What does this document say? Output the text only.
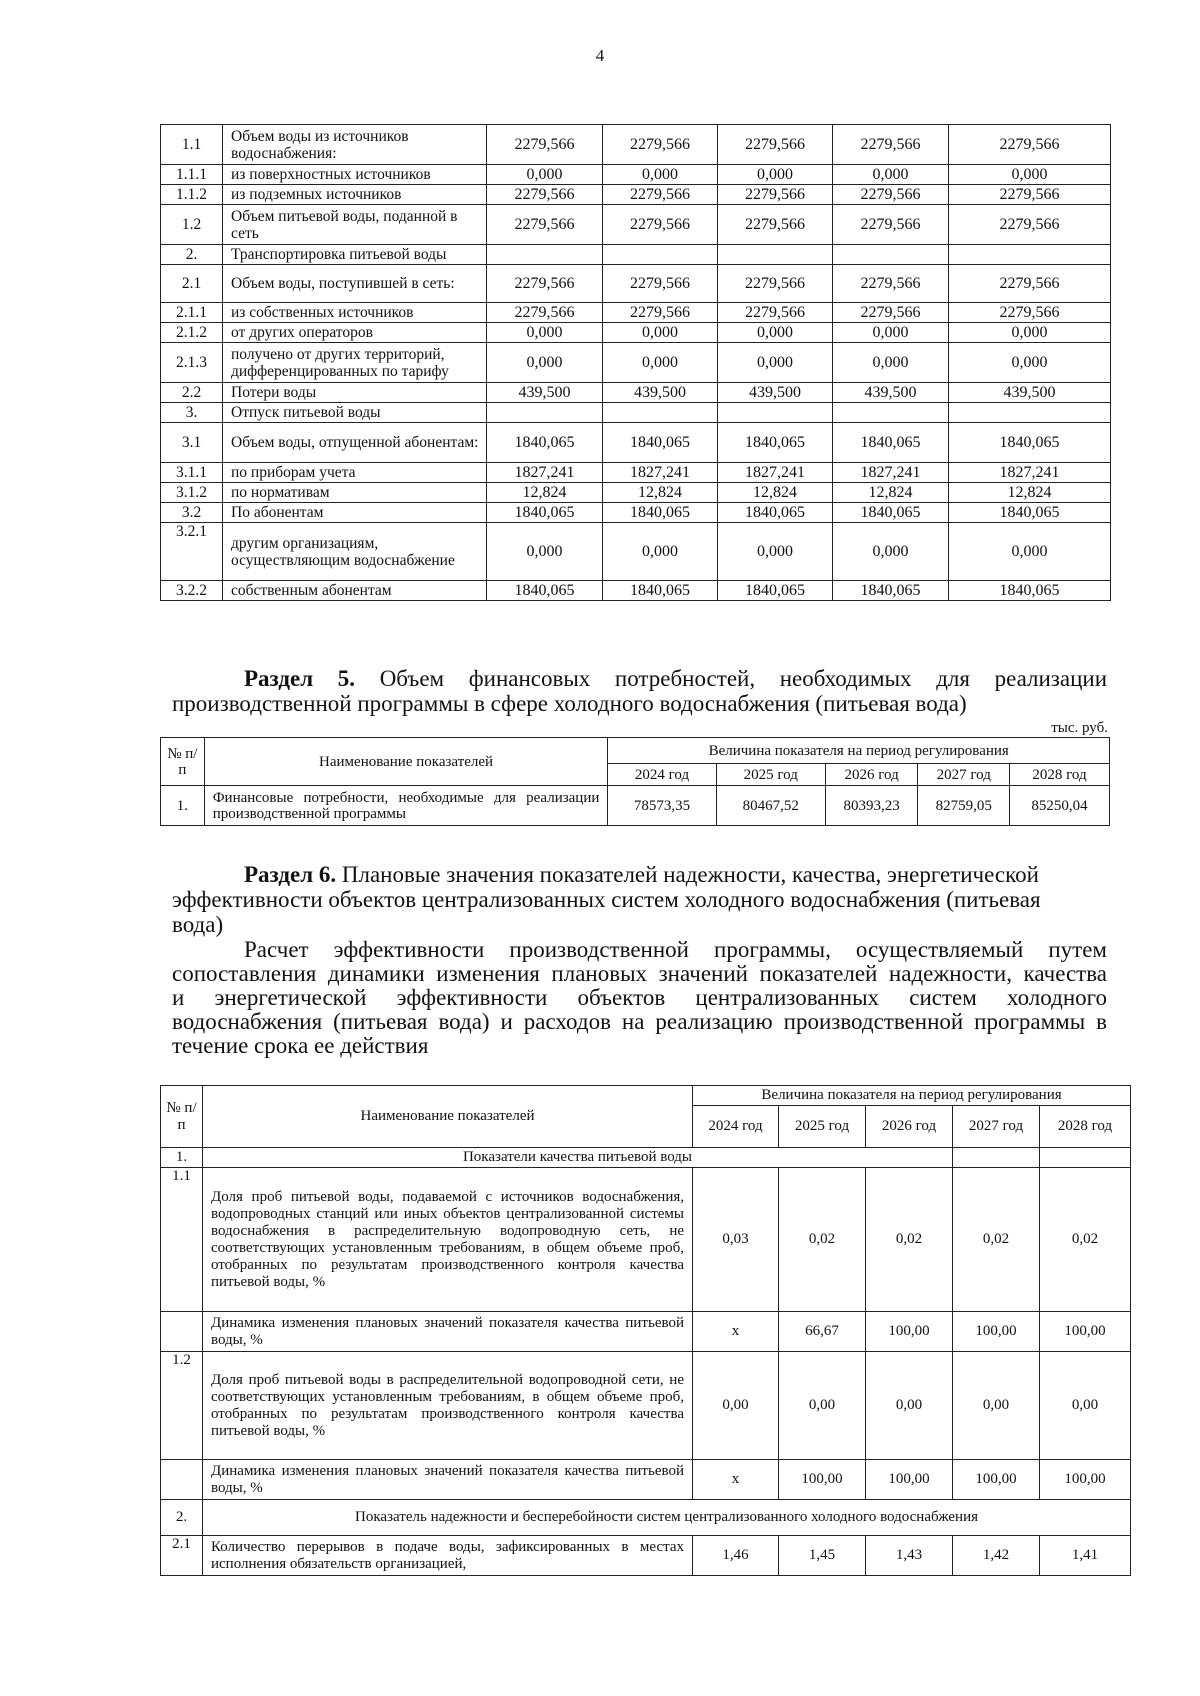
4
1.1	Объем воды из источников водоснабжения:	2279,566	2279,566	2279,566	2279,566	2279,566
1.1.1	из поверхностных источников	0,000	0,000	0,000	0,000	0,000
1.1.2	из подземных источников	2279,566	2279,566	2279,566	2279,566	2279,566
1.2	Объем питьевой воды, поданной в сеть	2279,566	2279,566	2279,566	2279,566	2279,566
2.	Транспортировка питьевой воды					
2.1	Объем воды, поступившей в сеть:	2279,566	2279,566	2279,566	2279,566	2279,566
2.1.1	из собственных источников	2279,566	2279,566	2279,566	2279,566	2279,566
2.1.2	от других операторов	0,000	0,000	0,000	0,000	0,000
2.1.3	получено от других территорий, дифференцированных по тарифу	0,000	0,000	0,000	0,000	0,000
2.2	Потери воды	439,500	439,500	439,500	439,500	439,500
3.	Отпуск питьевой воды					
3.1	Объем воды, отпущенной абонентам:	1840,065	1840,065	1840,065	1840,065	1840,065
3.1.1	по приборам учета	1827,241	1827,241	1827,241	1827,241	1827,241
3.1.2	по нормативам	12,824	12,824	12,824	12,824	12,824
3.2	По абонентам	1840,065	1840,065	1840,065	1840,065	1840,065
3.2.1	другим организациям, осуществляющим водоснабжение	0,000	0,000	0,000	0,000	0,000
3.2.2	собственным абонентам	1840,065	1840,065	1840,065	1840,065	1840,065
Раздел 5. Объем финансовых потребностей, необходимых для реализации
производственной программы в сфере холодного водоснабжения (питьевая вода)
тыс. руб.
№ п/п	Наименование показателей	Величина показателя на период регулирования				
		2024 год	2025 год	2026 год	2027 год	2028 год
1.	Финансовые потребности, необходимые для реализации производственной программы	78573,35	80467,52	80393,23	82759,05	85250,04
Раздел 6. Плановые значения показателей надежности, качества, энергетической
эффективности объектов централизованных систем холодного водоснабжения (питьевая
вода)
Расчет эффективности производственной программы, осуществляемый путем
сопоставления динамики изменения плановых значений показателей надежности, качества
и энергетической эффективности объектов централизованных систем холодного
водоснабжения (питьевая вода) и расходов на реализацию производственной программы в
течение срока ее действия
№ п/п	Наименование показателей	Величина показателя на период регулирования				
		2024 год	2025 год	2026 год	2027 год	2028 год
1.	Показатели качества питьевой воды					
1.1	Доля проб питьевой воды, подаваемой с источников водоснабжения, водопроводных станций или иных объектов централизованной системы водоснабжения в распределительную водопроводную сеть, не соответствующих установленным требованиям, в общем объеме проб, отобранных по результатам производственного контроля качества питьевой воды, %	0,03	0,02	0,02	0,02	0,02
	Динамика изменения плановых значений показателя качества питьевой воды, %	х	66,67	100,00	100,00	100,00
1.2	Доля проб питьевой воды в распределительной водопроводной сети, не соответствующих установленным требованиям, в общем объеме проб, отобранных по результатам производственного контроля качества питьевой воды, %	0,00	0,00	0,00	0,00	0,00
	Динамика изменения плановых значений показателя качества питьевой воды, %	х	100,00	100,00	100,00	100,00
2.	Показатель надежности и бесперебойности систем централизованного холодного водоснабжения					
2.1	Количество перерывов в подаче воды, зафиксированных в местах исполнения обязательств организацией,	1,46	1,45	1,43	1,42	1,41
